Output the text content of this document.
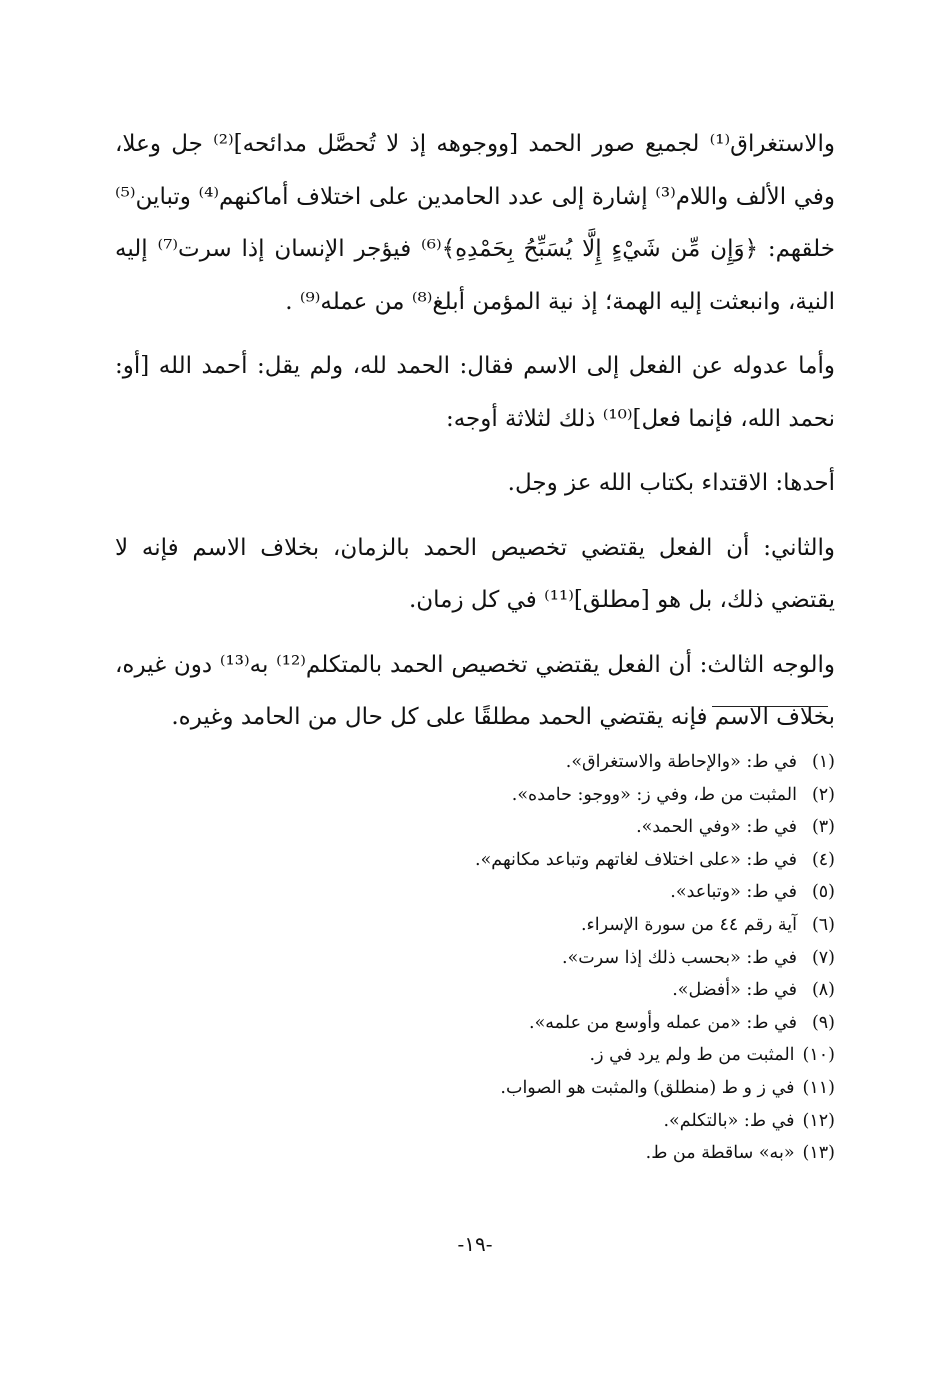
والاستغراق⁽¹⁾ لجميع صور الحمد [ووجوهه إذ لا تُحصَّل مدائحه]⁽²⁾ جل وعلا، وفي الألف واللام⁽³⁾ إشارة إلى عدد الحامدين على اختلاف أماكنهم⁽⁴⁾ وتباين⁽⁵⁾ خلقهم: ﴿وَإِن مِّن شَيْءٍ إِلَّا يُسَبِّحُ بِحَمْدِهِ﴾⁽⁶⁾ فيؤجر الإنسان إذا سرت⁽⁷⁾ إليه النية، وانبعثت إليه الهمة؛ إذ نية المؤمن أبلغ⁽⁸⁾ من عمله⁽⁹⁾ .

وأما عدوله عن الفعل إلى الاسم فقال: الحمد لله، ولم يقل: أحمد الله [أو: نحمد الله، فإنما فعل]⁽¹⁰⁾ ذلك لثلاثة أوجه:

أحدها: الاقتداء بكتاب الله عز وجل.

والثاني: أن الفعل يقتضي تخصيص الحمد بالزمان، بخلاف الاسم فإنه لا يقتضي ذلك، بل هو [مطلق]⁽¹¹⁾ في كل زمان.

والوجه الثالث: أن الفعل يقتضي تخصيص الحمد بالمتكلم⁽¹²⁾ به⁽¹³⁾ دون غيره، بخلاف الاسم فإنه يقتضي الحمد مطلقًا على كل حال من الحامد وغيره.

(١)في ط: «والإحاطة والاستغراق».
(٢)المثبت من ط، وفي ز: «ووجو: حامده».
(٣)في ط: «وفي الحمد».
(٤)في ط: «على اختلاف لغاتهم وتباعد مكانهم».
(٥)في ط: «وتباعد».
(٦)آية رقم ٤٤ من سورة الإسراء.
(٧)في ط: «بحسب ذلك إذا سرت».
(٨)في ط: «أفضل».
(٩)في ط: «من عمله وأوسع من علمه».
(١٠)المثبت من ط ولم يرد في ز.
(١١)في ز و ط (منطلق) والمثبت هو الصواب.
(١٢)في ط: «بالتكلم».
(١٣)«به» ساقطة من ط.
-١٩-
